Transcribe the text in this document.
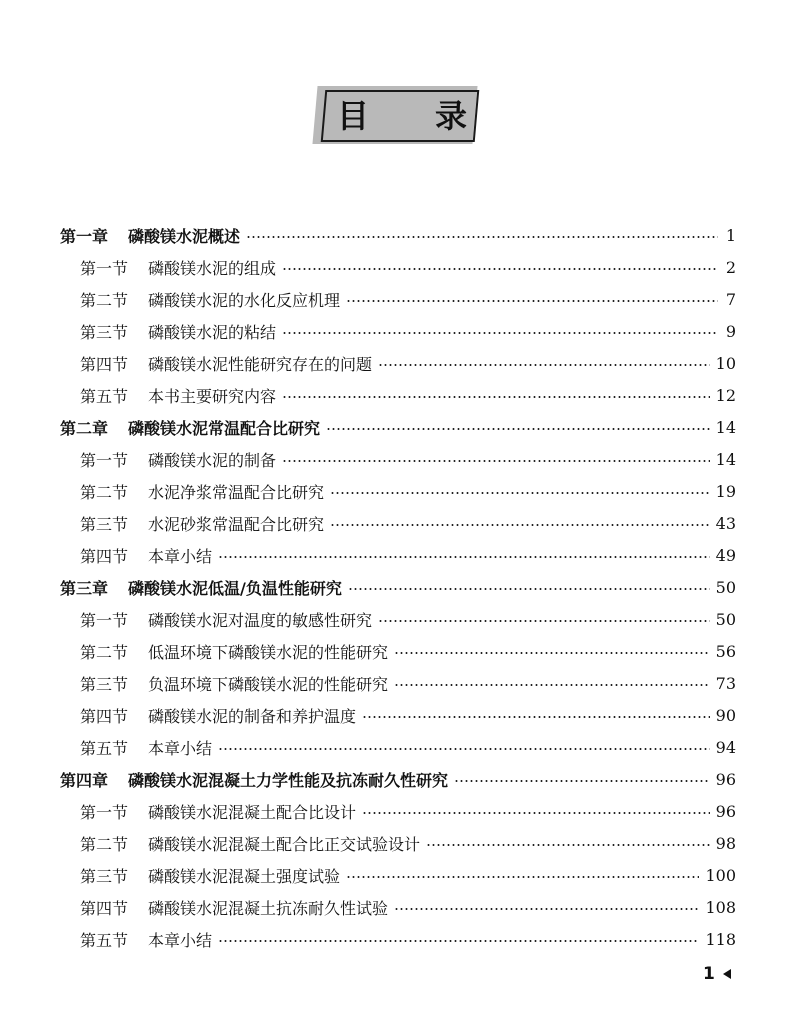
目 录
第一章 磷酸镁水泥概述	1
第一节 磷酸镁水泥的组成	2
第二节 磷酸镁水泥的水化反应机理	7
第三节 磷酸镁水泥的粘结	9
第四节 磷酸镁水泥性能研究存在的问题	10
第五节 本书主要研究内容	12
第二章 磷酸镁水泥常温配合比研究	14
第一节 磷酸镁水泥的制备	14
第二节 水泥净浆常温配合比研究	19
第三节 水泥砂浆常温配合比研究	43
第四节 本章小结	49
第三章 磷酸镁水泥低温/负温性能研究	50
第一节 磷酸镁水泥对温度的敏感性研究	50
第二节 低温环境下磷酸镁水泥的性能研究	56
第三节 负温环境下磷酸镁水泥的性能研究	73
第四节 磷酸镁水泥的制备和养护温度	90
第五节 本章小结	94
第四章 磷酸镁水泥混凝土力学性能及抗冻耐久性研究	96
第一节 磷酸镁水泥混凝土配合比设计	96
第二节 磷酸镁水泥混凝土配合比正交试验设计	98
第三节 磷酸镁水泥混凝土强度试验	100
第四节 磷酸镁水泥混凝土抗冻耐久性试验	108
第五节 本章小结	118
1
